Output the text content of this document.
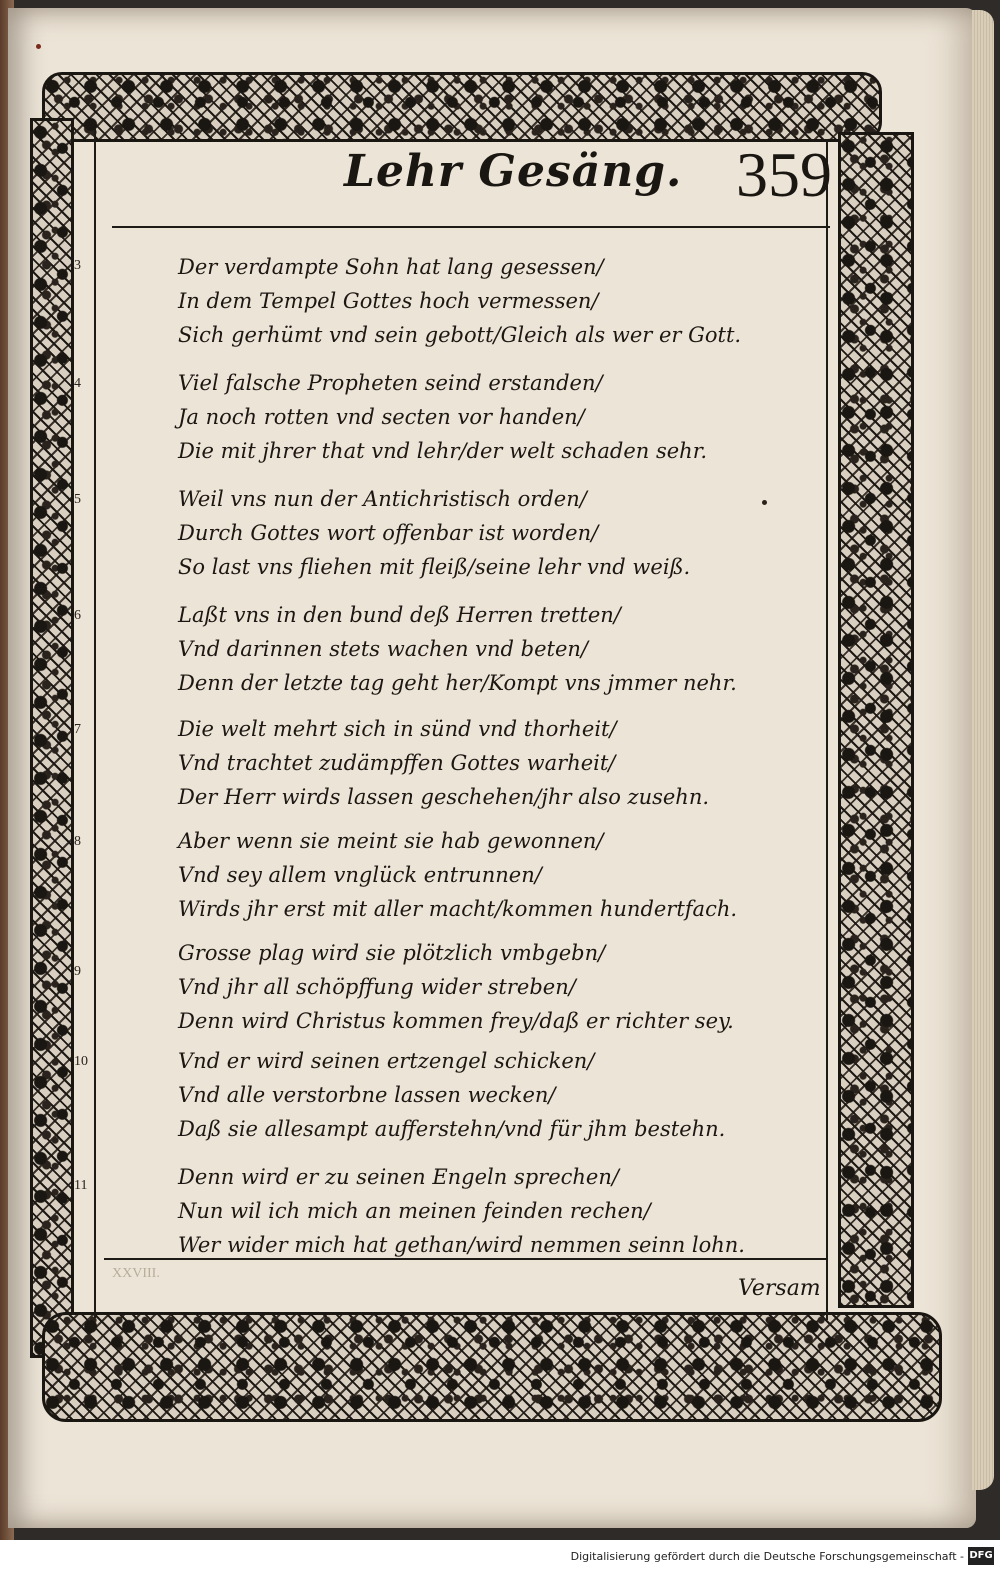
Lehr Gesäng. 359
3	Der verdampte Sohn hat lang gesessen/
In dem Tempel Gottes hoch vermessen/
Sich gerhümt vnd sein gebott/Gleich als wer er Gott.
4	Viel falsche Propheten seind erstanden/
Ja noch rotten vnd secten vor handen/
Die mit jhrer that vnd lehr/der welt schaden sehr.
5	Weil vns nun der Antichristisch orden/
Durch Gottes wort offenbar ist worden/
So last vns fliehen mit fleiß/seine lehr vnd weiß.
6	Laßt vns in den bund deß Herren tretten/
Vnd darinnen stets wachen vnd beten/
Denn der letzte tag geht her/Kompt vns jmmer nehr.
7	Die welt mehrt sich in sünd vnd thorheit/
Vnd trachtet zudämpffen Gottes warheit/
Der Herr wirds lassen geschehen/jhr also zusehn.
8	Aber wenn sie meint sie hab gewonnen/
Vnd sey allem vnglück entrunnen/
Wirds jhr erst mit aller macht/kommen hundertfach.
9
Grosse plag wird sie plötzlich vmbgebn/
Vnd jhr all schöpffung wider streben/
Denn wird Christus kommen frey/daß er richter sey.
10	Vnd er wird seinen ertzengel schicken/
Vnd alle verstorbne lassen wecken/
Daß sie allesampt aufferstehn/vnd für jhm bestehn.
11	Denn wird er zu seinen Engeln sprechen/
Nun wil ich mich an meinen feinden rechen/
Wer wider mich hat gethan/wird nemmen seinn lohn.
XXVIII.
Versam
Digitalisierung gefördert durch die Deutsche Forschungsgemeinschaft - DFG
